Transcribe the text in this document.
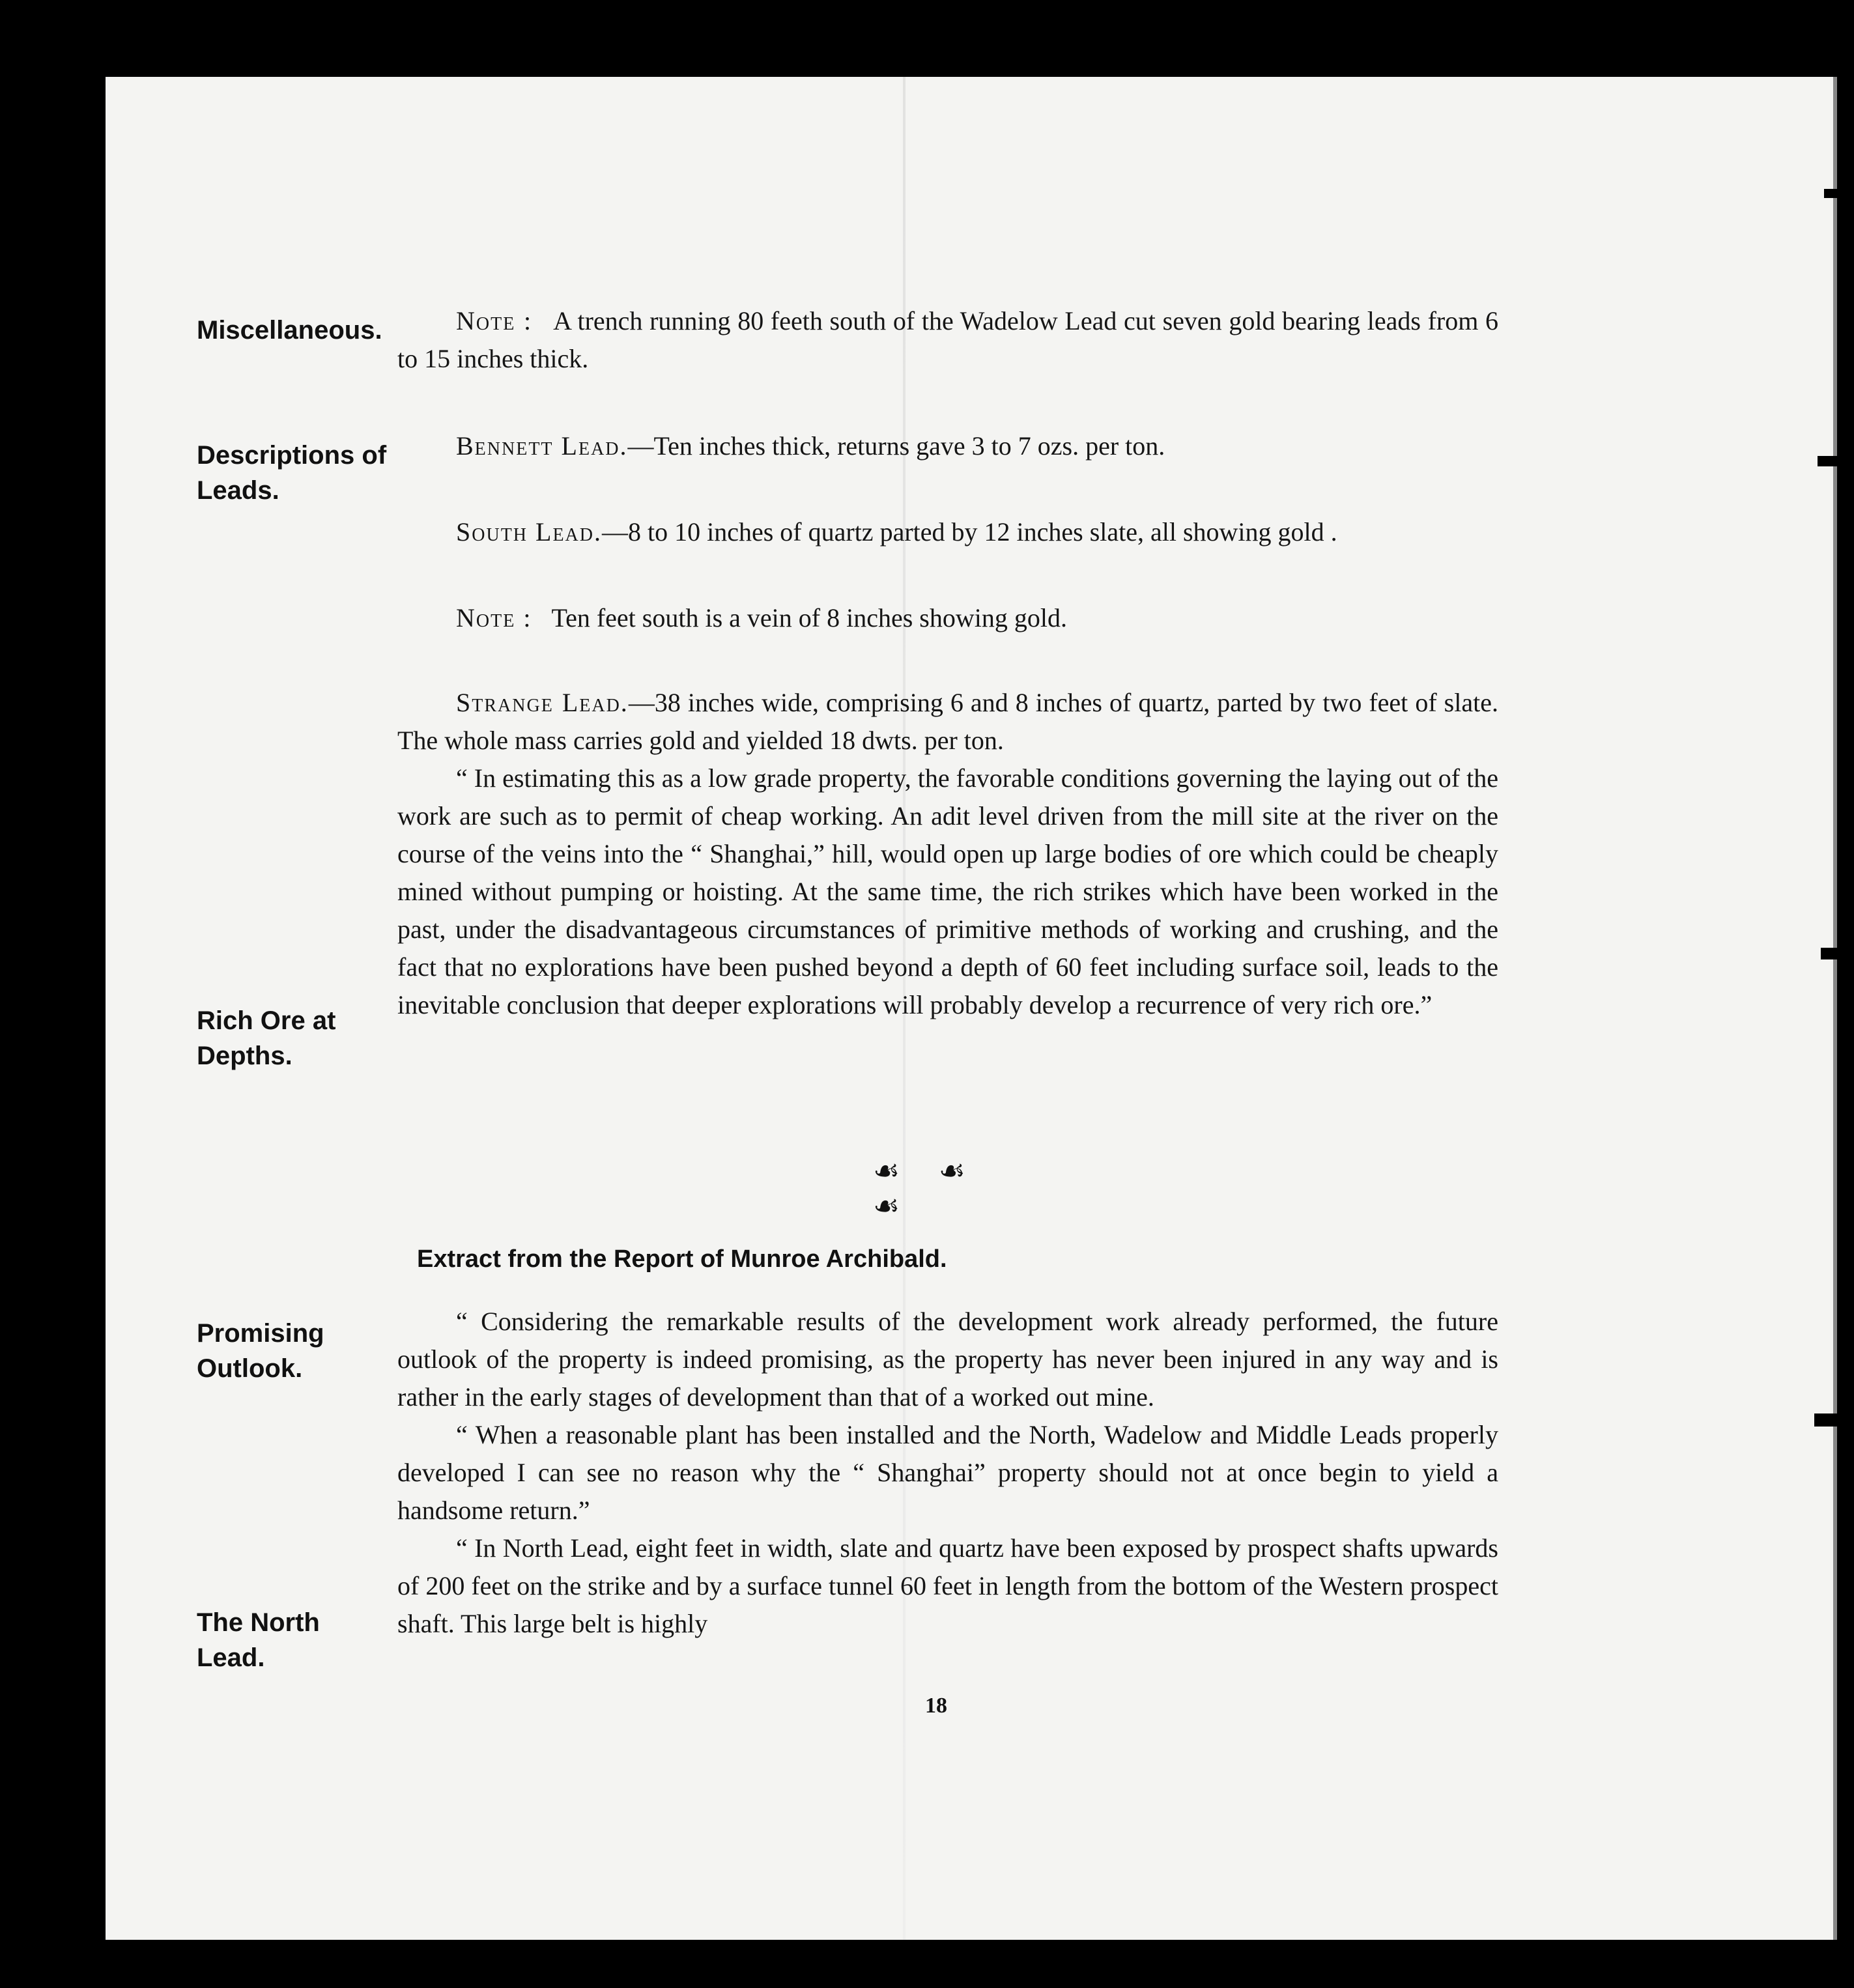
Miscellaneous.
Descriptions of
Leads.
Rich Ore at
Depths.
Promising
Outlook.
The North
Lead.

Note : A trench running 80 feeth south of the Wadelow Lead cut seven gold bearing leads from 6 to 15 inches thick.

Bennett Lead.—Ten inches thick, returns gave 3 to 7 ozs. per ton.

South Lead.—8 to 10 inches of quartz parted by 12 inches slate, all showing gold .

Note : Ten feet south is a vein of 8 inches showing gold.

Strange Lead.—38 inches wide, comprising 6 and 8 inches of quartz, parted by two feet of slate. The whole mass carries gold and yielded 18 dwts. per ton.

“ In estimating this as a low grade property, the favorable conditions governing the laying out of the work are such as to permit of cheap working. An adit level driven from the mill site at the river on the course of the veins into the “ Shanghai,” hill, would open up large bodies of ore which could be cheaply mined without pumping or hoisting. At the same time, the rich strikes which have been worked in the past, under the disadvantageous circumstances of primitive methods of working and crushing, and the fact that no explorations have been pushed beyond a depth of 60 feet including surface soil, leads to the inevitable conclusion that deeper explorations will probably develop a recurrence of very rich ore.”

☙ ☙ ☙
Extract from the Report of Munroe Archibald.

“ Considering the remarkable results of the development work already performed, the future outlook of the property is indeed promising, as the property has never been injured in any way and is rather in the early stages of development than that of a worked out mine.

“ When a reasonable plant has been installed and the North, Wadelow and Middle Leads properly developed I can see no reason why the “ Shanghai” property should not at once begin to yield a handsome return.”

“ In North Lead, eight feet in width, slate and quartz have been exposed by prospect shafts upwards of 200 feet on the strike and by a surface tunnel 60 feet in length from the bottom of the Western prospect shaft. This large belt is highly

18
